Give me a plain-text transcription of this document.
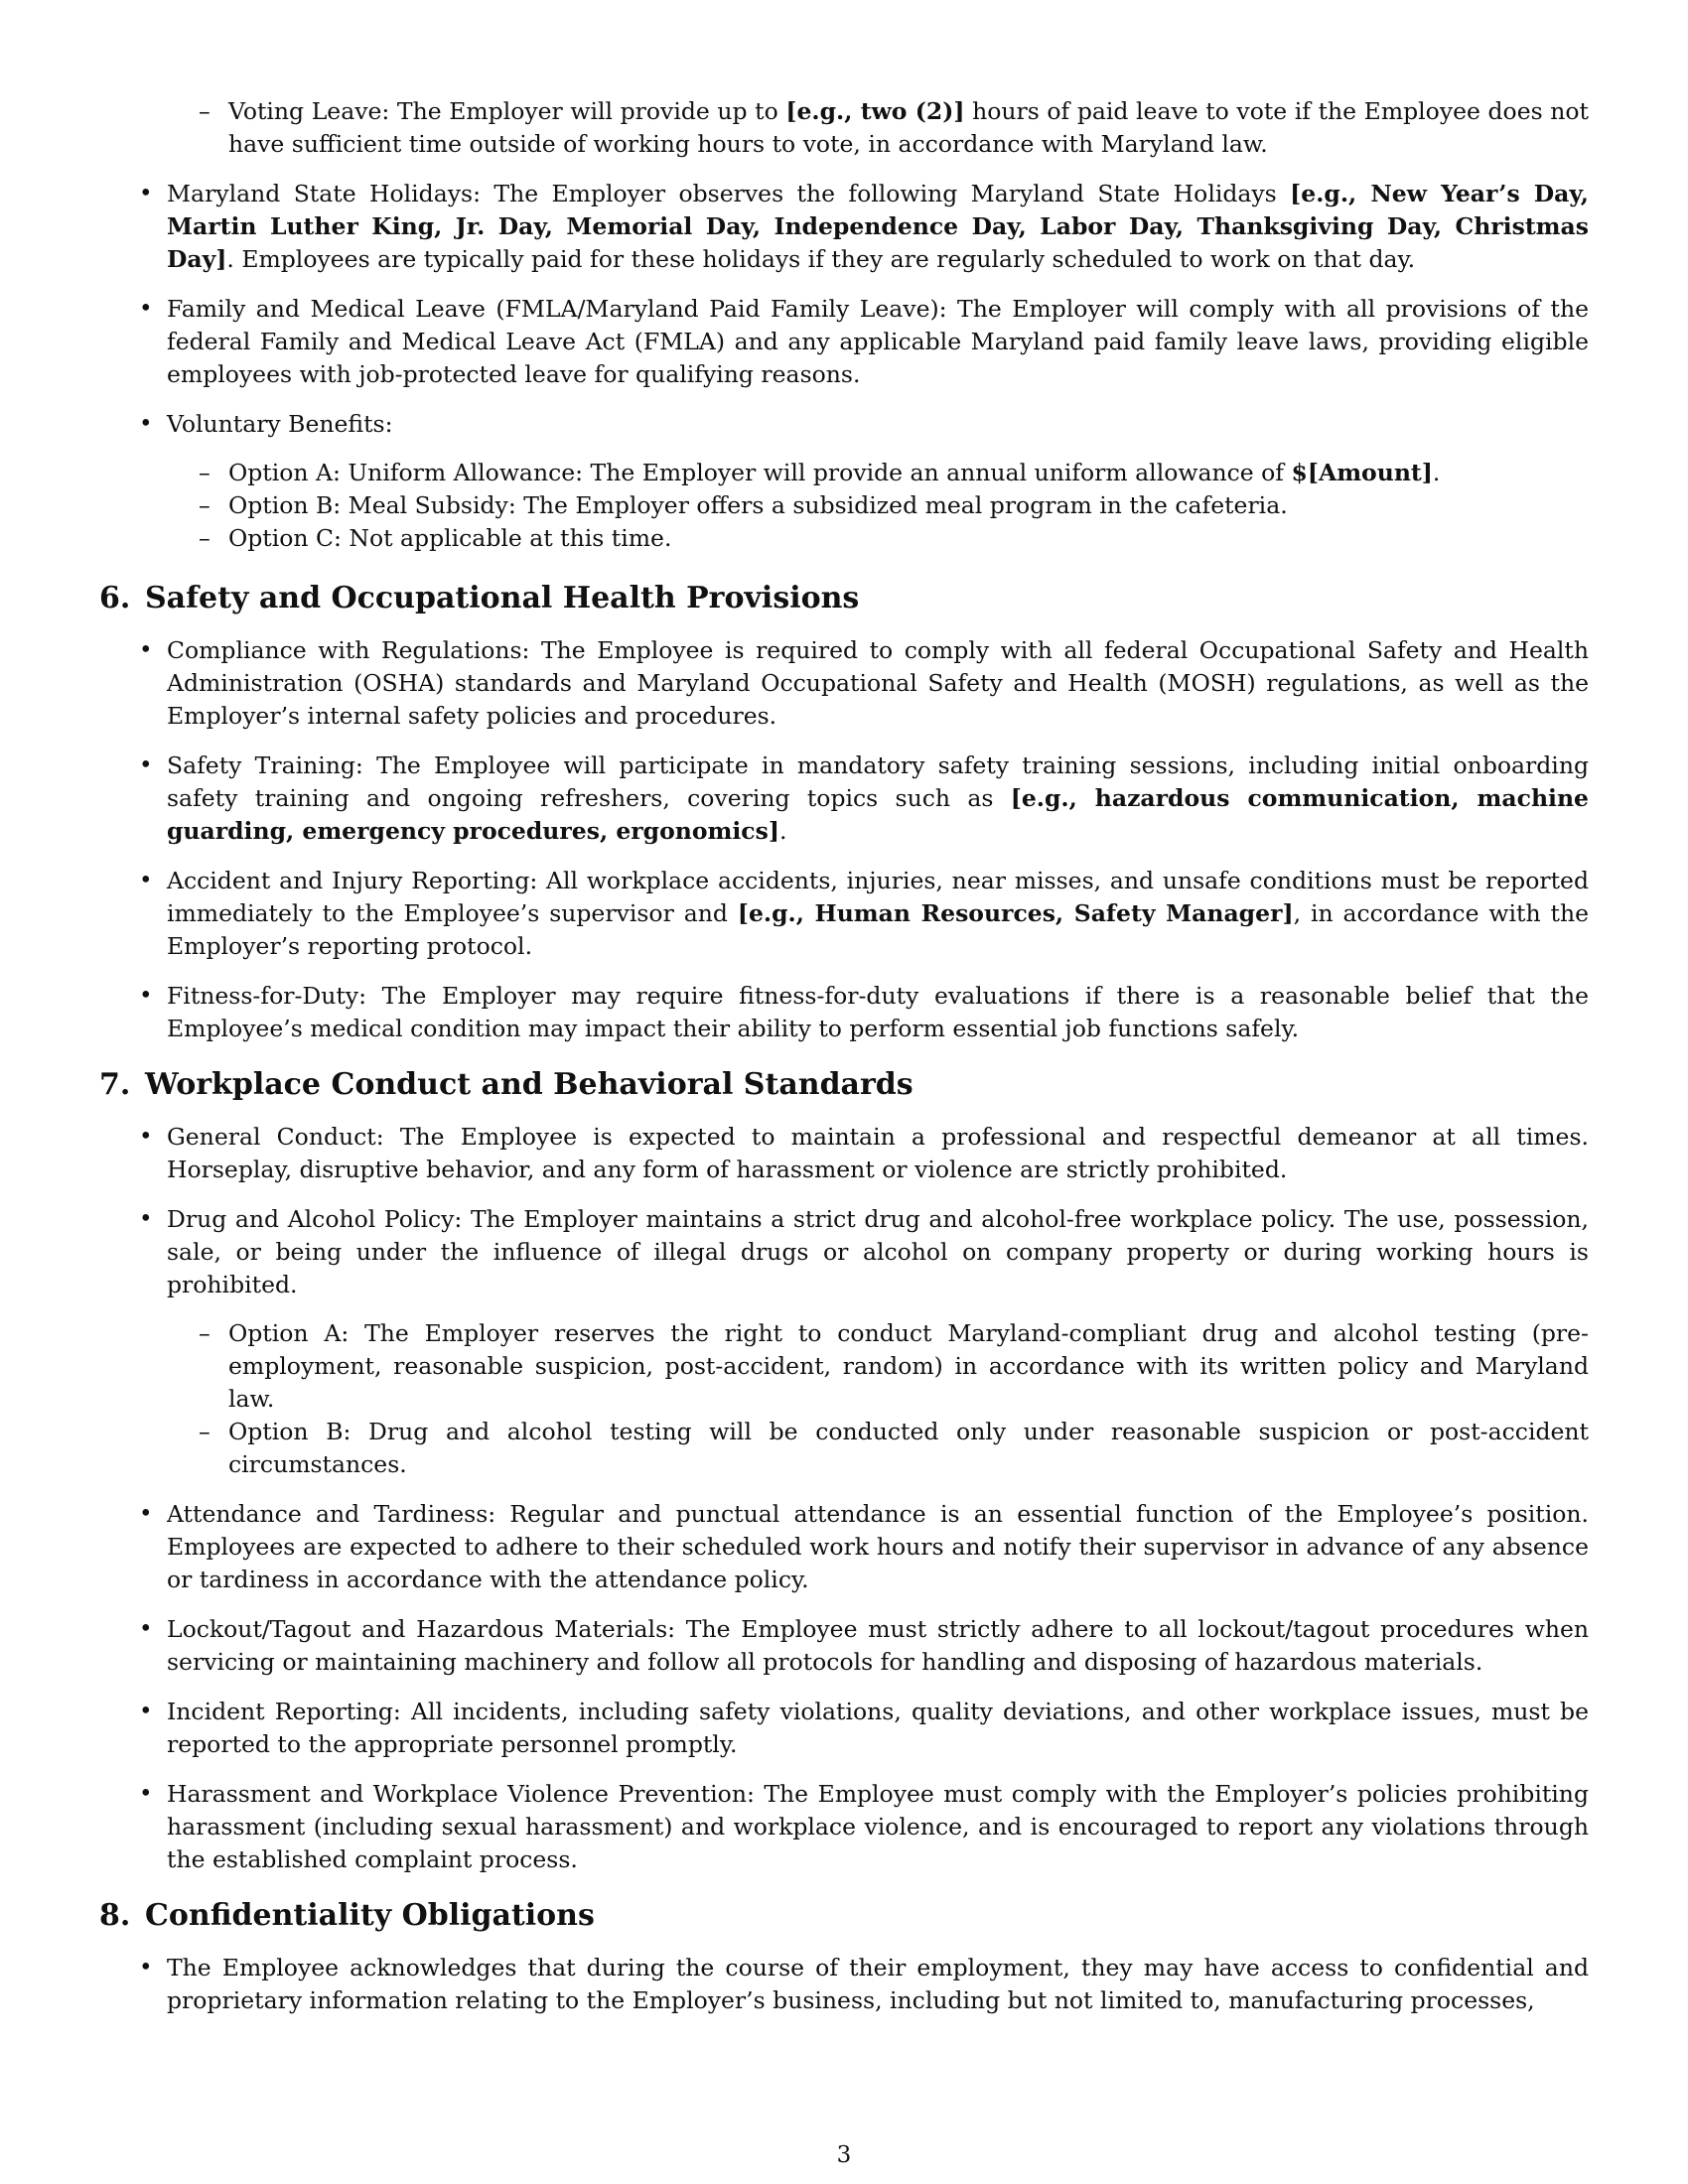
– Voting Leave: The Employer will provide up to [e.g., two (2)] hours of paid leave to vote if the Employee does not have sufficient time outside of working hours to vote, in accordance with Maryland law.
• Maryland State Holidays: The Employer observes the following Maryland State Holidays [e.g., New Year’s Day, Martin Luther King, Jr. Day, Memorial Day, Independence Day, Labor Day, Thanksgiving Day, Christmas Day]. Employees are typically paid for these holidays if they are regularly scheduled to work on that day.
• Family and Medical Leave (FMLA/Maryland Paid Family Leave): The Employer will comply with all provisions of the federal Family and Medical Leave Act (FMLA) and any applicable Maryland paid family leave laws, providing eligible employees with job-protected leave for qualifying reasons.
• Voluntary Benefits:
– Option A: Uniform Allowance: The Employer will provide an annual uniform allowance of $[Amount].
– Option B: Meal Subsidy: The Employer offers a subsidized meal program in the cafeteria.
– Option C: Not applicable at this time.
6. Safety and Occupational Health Provisions
• Compliance with Regulations: The Employee is required to comply with all federal Occupational Safety and Health Administration (OSHA) standards and Maryland Occupational Safety and Health (MOSH) regulations, as well as the Employer’s internal safety policies and procedures.
• Safety Training: The Employee will participate in mandatory safety training sessions, including initial onboarding safety training and ongoing refreshers, covering topics such as [e.g., hazardous communication, machine guarding, emergency procedures, ergonomics].
• Accident and Injury Reporting: All workplace accidents, injuries, near misses, and unsafe conditions must be reported immediately to the Employee’s supervisor and [e.g., Human Resources, Safety Manager], in accordance with the Employer’s reporting protocol.
• Fitness-for-Duty: The Employer may require fitness-for-duty evaluations if there is a reasonable belief that the Employee’s medical condition may impact their ability to perform essential job functions safely.
7. Workplace Conduct and Behavioral Standards
• General Conduct: The Employee is expected to maintain a professional and respectful demeanor at all times. Horseplay, disruptive behavior, and any form of harassment or violence are strictly prohibited.
• Drug and Alcohol Policy: The Employer maintains a strict drug and alcohol-free workplace policy. The use, possession, sale, or being under the influence of illegal drugs or alcohol on company property or during working hours is prohibited.
– Option A: The Employer reserves the right to conduct Maryland-compliant drug and alcohol testing (pre-employment, reasonable suspicion, post-accident, random) in accordance with its written policy and Maryland law.
– Option B: Drug and alcohol testing will be conducted only under reasonable suspicion or post-accident circumstances.
• Attendance and Tardiness: Regular and punctual attendance is an essential function of the Employee’s position. Employees are expected to adhere to their scheduled work hours and notify their supervisor in advance of any absence or tardiness in accordance with the attendance policy.
• Lockout/Tagout and Hazardous Materials: The Employee must strictly adhere to all lockout/tagout procedures when servicing or maintaining machinery and follow all protocols for handling and disposing of hazardous materials.
• Incident Reporting: All incidents, including safety violations, quality deviations, and other workplace issues, must be reported to the appropriate personnel promptly.
• Harassment and Workplace Violence Prevention: The Employee must comply with the Employer’s policies prohibiting harassment (including sexual harassment) and workplace violence, and is encouraged to report any violations through the established complaint process.
8. Confidentiality Obligations
• The Employee acknowledges that during the course of their employment, they may have access to confidential and proprietary information relating to the Employer’s business, including but not limited to, manufacturing processes,
3
